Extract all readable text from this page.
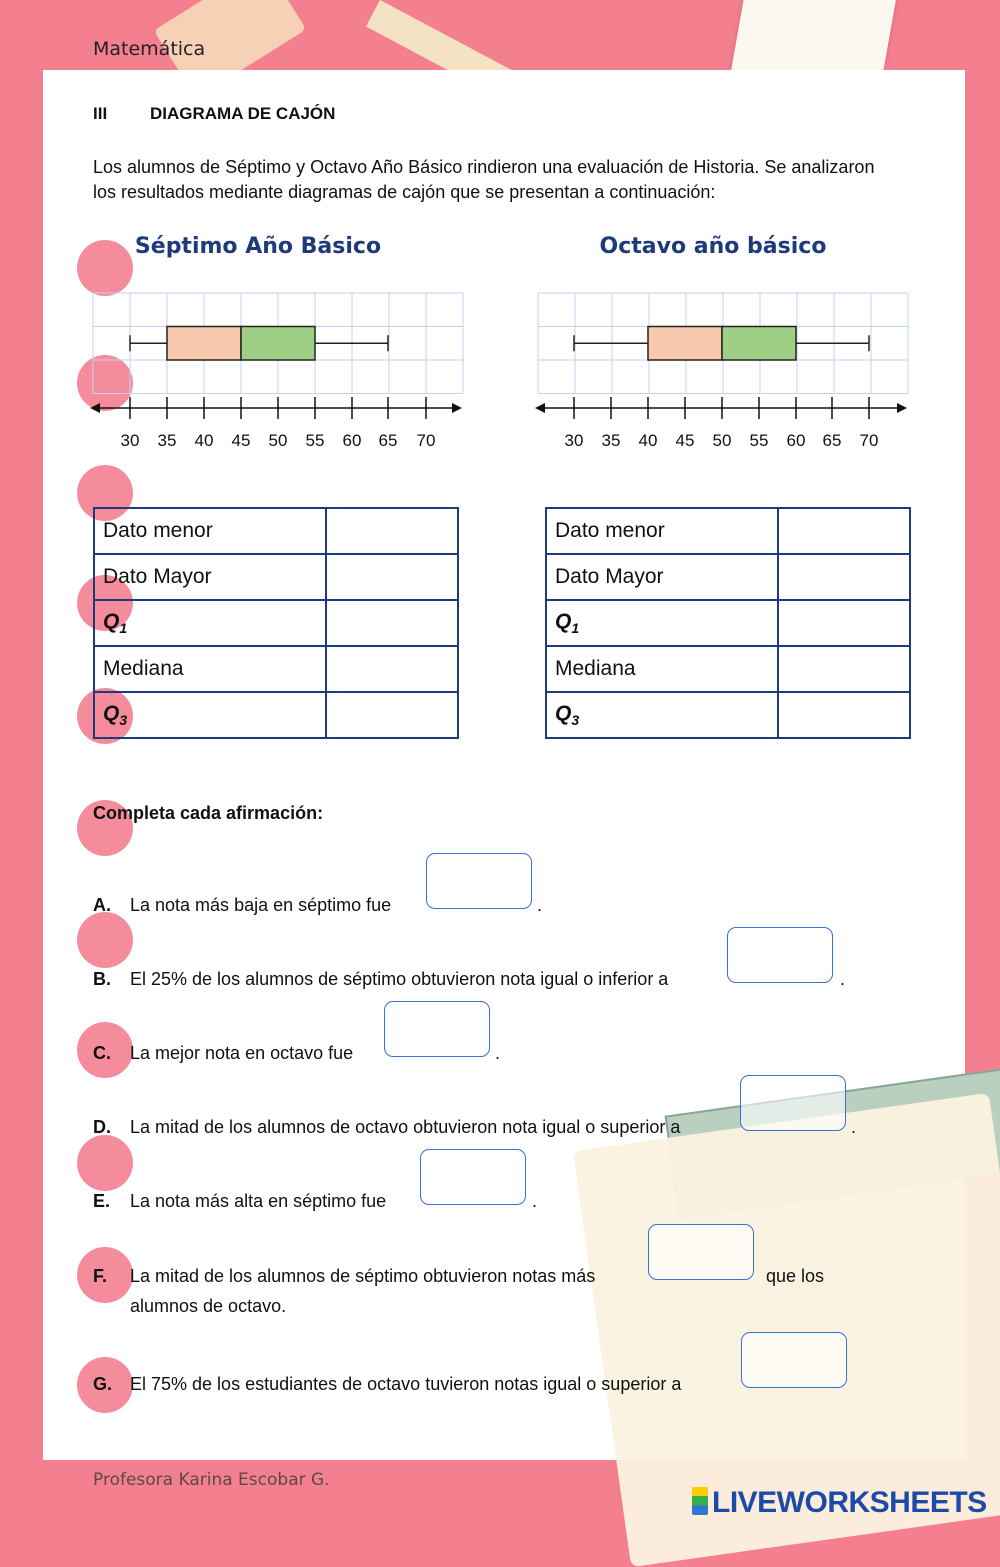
Matemática
III	DIAGRAMA DE CAJÓN
Los alumnos de Séptimo y Octavo Año Básico rindieron una evaluación de Historia. Se analizaron los resultados mediante diagramas de cajón que se presentan a continuación:
Séptimo Año Básico	Octavo año básico
30 35 40 45 50 55 60 65 70	30 35 40 45 50 55 60 65 70
Dato menor	
Dato Mayor	
$Q_1$	
Mediana	
$Q_3$	
Dato menor	
Dato Mayor	
$Q_1$	
Mediana	
$Q_3$	
Completa cada afirmación:
A. La nota más baja en séptimo fue	.
B. El 25% de los alumnos de séptimo obtuvieron nota igual o inferior a	.
C. La mejor nota en octavo fue	.
D. La mitad de los alumnos de octavo obtuvieron nota igual o superior a	.
E. La nota más alta en séptimo fue	.
F. La mitad de los alumnos de séptimo obtuvieron notas más
alumnos de octavo.
que los
G. El 75% de los estudiantes de octavo tuvieron notas igual o superior a
Profesora Karina Escobar G.
LIVEWORKSHEETS
